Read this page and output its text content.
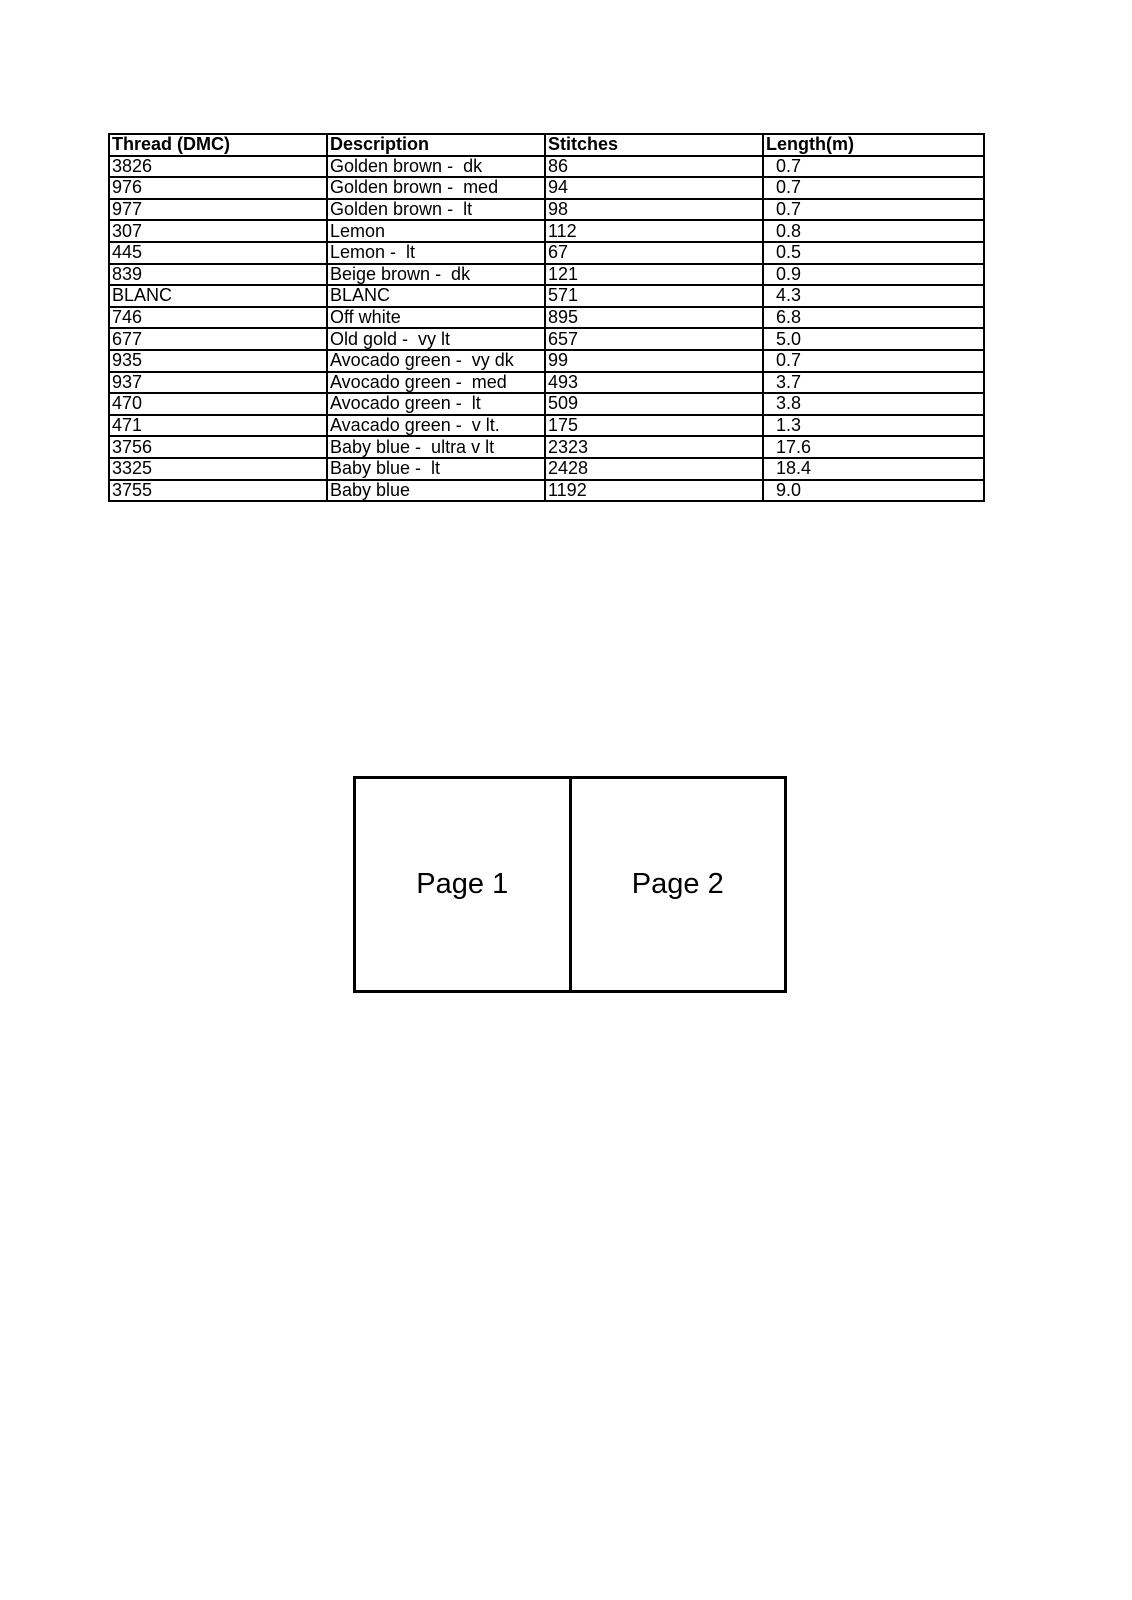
Thread (DMC)	Description	Stitches	Length(m)
3826	Golden brown -  dk	86	0.7
976	Golden brown -  med	94	0.7
977	Golden brown -  lt	98	0.7
307	Lemon	112	0.8
445	Lemon -  lt	67	0.5
839	Beige brown -  dk	121	0.9
BLANC	BLANC	571	4.3
746	Off white	895	6.8
677	Old gold -  vy lt	657	5.0
935	Avocado green -  vy dk	99	0.7
937	Avocado green -  med	493	3.7
470	Avocado green -  lt	509	3.8
471	Avacado green -  v lt.	175	1.3
3756	Baby blue -  ultra v lt	2323	17.6
3325	Baby blue -  lt	2428	18.4
3755	Baby blue	1192	9.0
Page 1	Page 2
